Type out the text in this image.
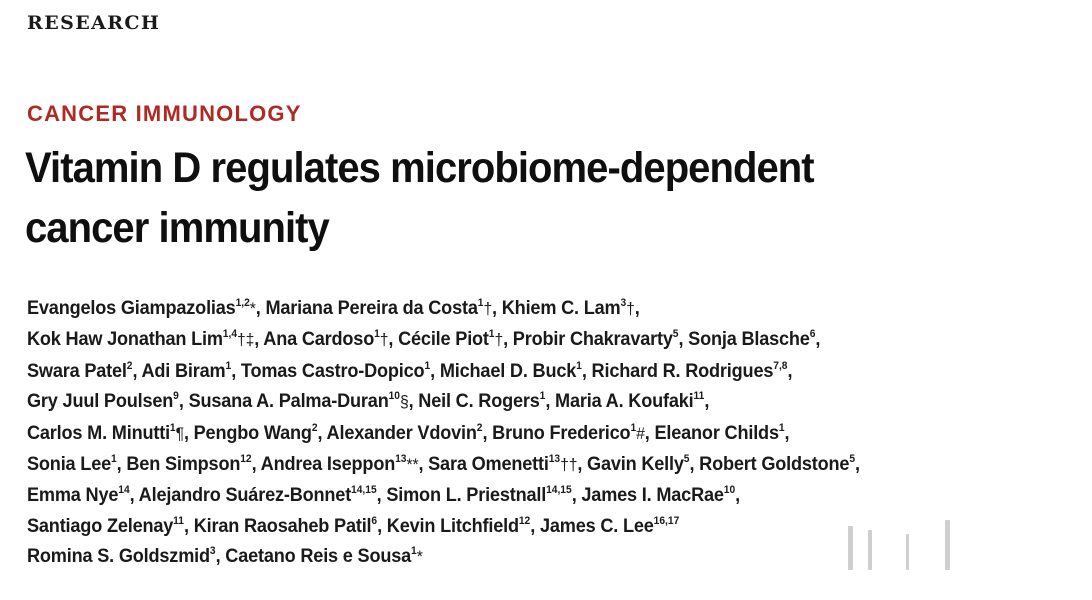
RESEARCH
CANCER IMMUNOLOGY
Vitamin D regulates microbiome-dependent
cancer immunity
Evangelos Giampazolias$^{1,2}$*, Mariana Pereira da Costa$^1$†, Khiem C. Lam$^3$†,
Kok Haw Jonathan Lim$^{1,4}$†‡, Ana Cardoso$^1$†, Cécile Piot$^1$†, Probir Chakravarty$^5$, Sonja Blasche$^6$,
Swara Patel$^2$, Adi Biram$^1$, Tomas Castro-Dopico$^1$, Michael D. Buck$^1$, Richard R. Rodrigues$^{7,8}$,
Gry Juul Poulsen$^9$, Susana A. Palma-Duran$^{10}$§, Neil C. Rogers$^1$, Maria A. Koufaki$^{11}$,
Carlos M. Minutti$^1$¶, Pengbo Wang$^2$, Alexander Vdovin$^2$, Bruno Frederico$^1$#, Eleanor Childs$^1$,
Sonia Lee$^1$, Ben Simpson$^{12}$, Andrea Iseppon$^{13}$**, Sara Omenetti$^{13}$††, Gavin Kelly$^5$, Robert Goldstone$^5$,
Emma Nye$^{14}$, Alejandro Suárez-Bonnet$^{14,15}$, Simon L. Priestnall$^{14,15}$, James I. MacRae$^{10}$,
Santiago Zelenay$^{11}$, Kiran Raosaheb Patil$^6$, Kevin Litchfield$^{12}$, James C. Lee$^{16,17}$
Romina S. Goldszmid$^3$, Caetano Reis e Sousa$^1$*
